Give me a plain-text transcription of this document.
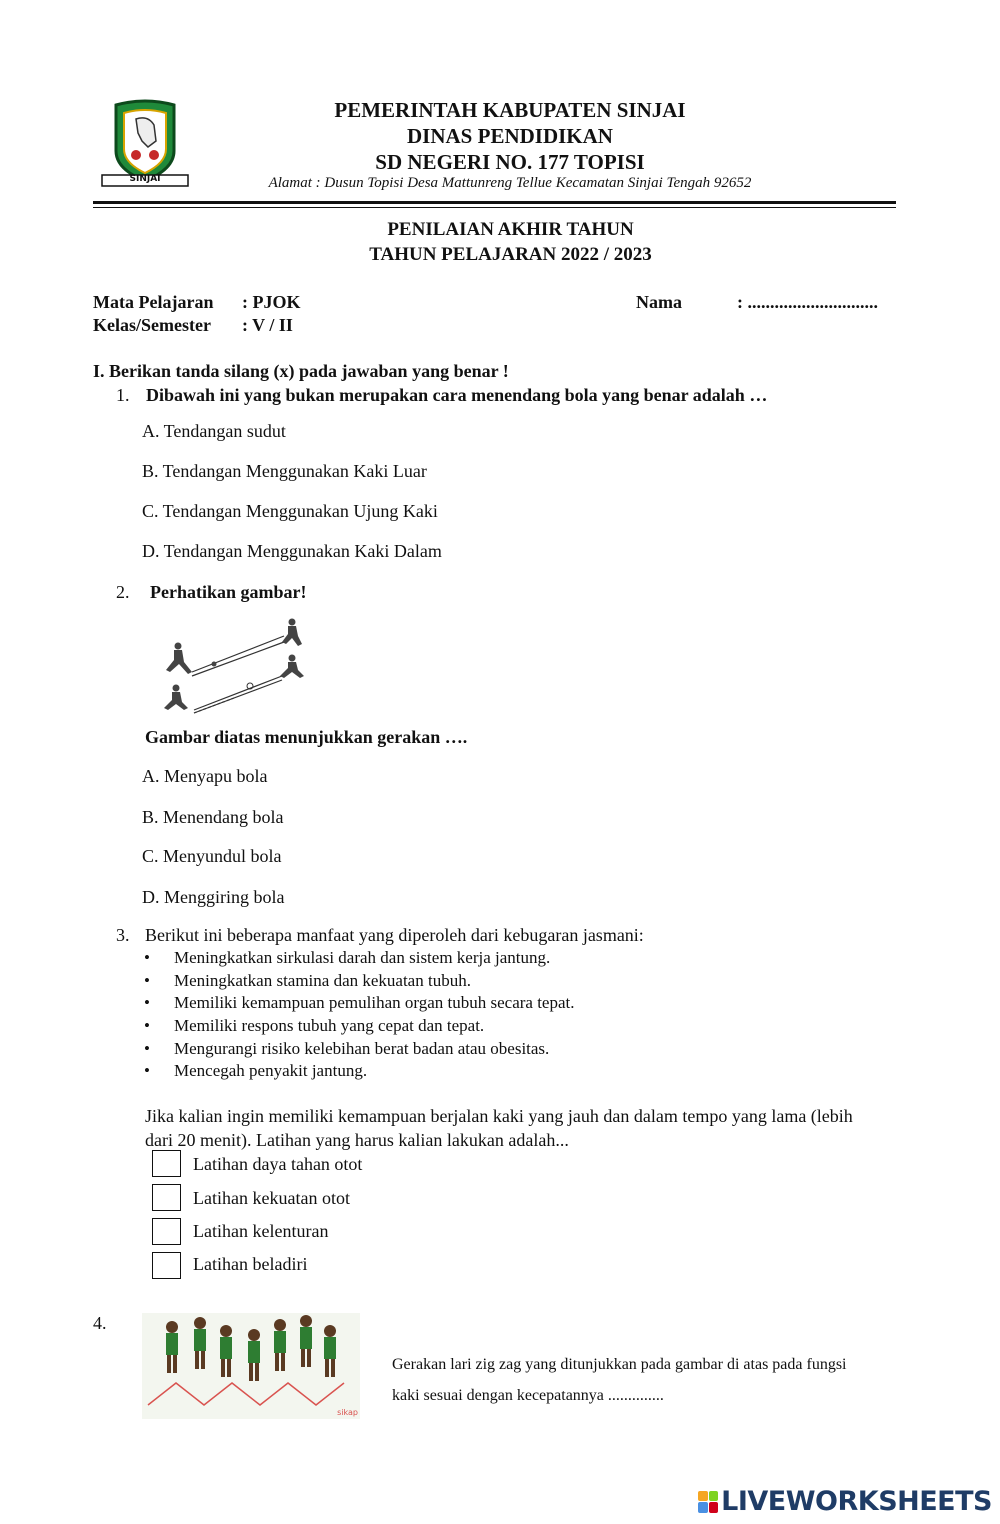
SINJAI
PEMERINTAH KABUPATEN SINJAI
DINAS PENDIDIKAN
SD NEGERI NO. 177 TOPISI
Alamat : Dusun Topisi Desa Mattunreng Tellue Kecamatan Sinjai Tengah 92652
PENILAIAN AKHIR TAHUN
TAHUN PELAJARAN 2022 / 2023
Mata Pelajaran : PJOK
Kelas/Semester : V / II
Nama	: .............................
I. Berikan tanda silang (x) pada jawaban yang benar !
1. Dibawah ini yang bukan merupakan cara menendang bola yang benar adalah …
A. Tendangan sudut
B. Tendangan Menggunakan Kaki Luar
C. Tendangan Menggunakan Ujung Kaki
D. Tendangan Menggunakan Kaki Dalam
2. Perhatikan gambar!
Gambar diatas menunjukkan gerakan ….
A. Menyapu bola
B. Menendang bola
C. Menyundul bola
D. Menggiring bola
3. Berikut ini beberapa manfaat yang diperoleh dari kebugaran jasmani:
• Meningkatkan sirkulasi darah dan sistem kerja jantung.
• Meningkatkan stamina dan kekuatan tubuh.
• Memiliki kemampuan pemulihan organ tubuh secara tepat.
• Memiliki respons tubuh yang cepat dan tepat.
• Mengurangi risiko kelebihan berat badan atau obesitas.
• Mencegah penyakit jantung.
Jika kalian ingin memiliki kemampuan berjalan kaki yang jauh dan dalam tempo yang lama (lebih
dari 20 menit). Latihan yang harus kalian lakukan adalah...
Latihan daya tahan otot
Latihan kekuatan otot
Latihan kelenturan
Latihan beladiri
4.
sikap
Gerakan lari zig zag yang ditunjukkan pada gambar di atas pada fungsi
kaki sesuai dengan kecepatannya ..............
LIVEWORKSHEETS
